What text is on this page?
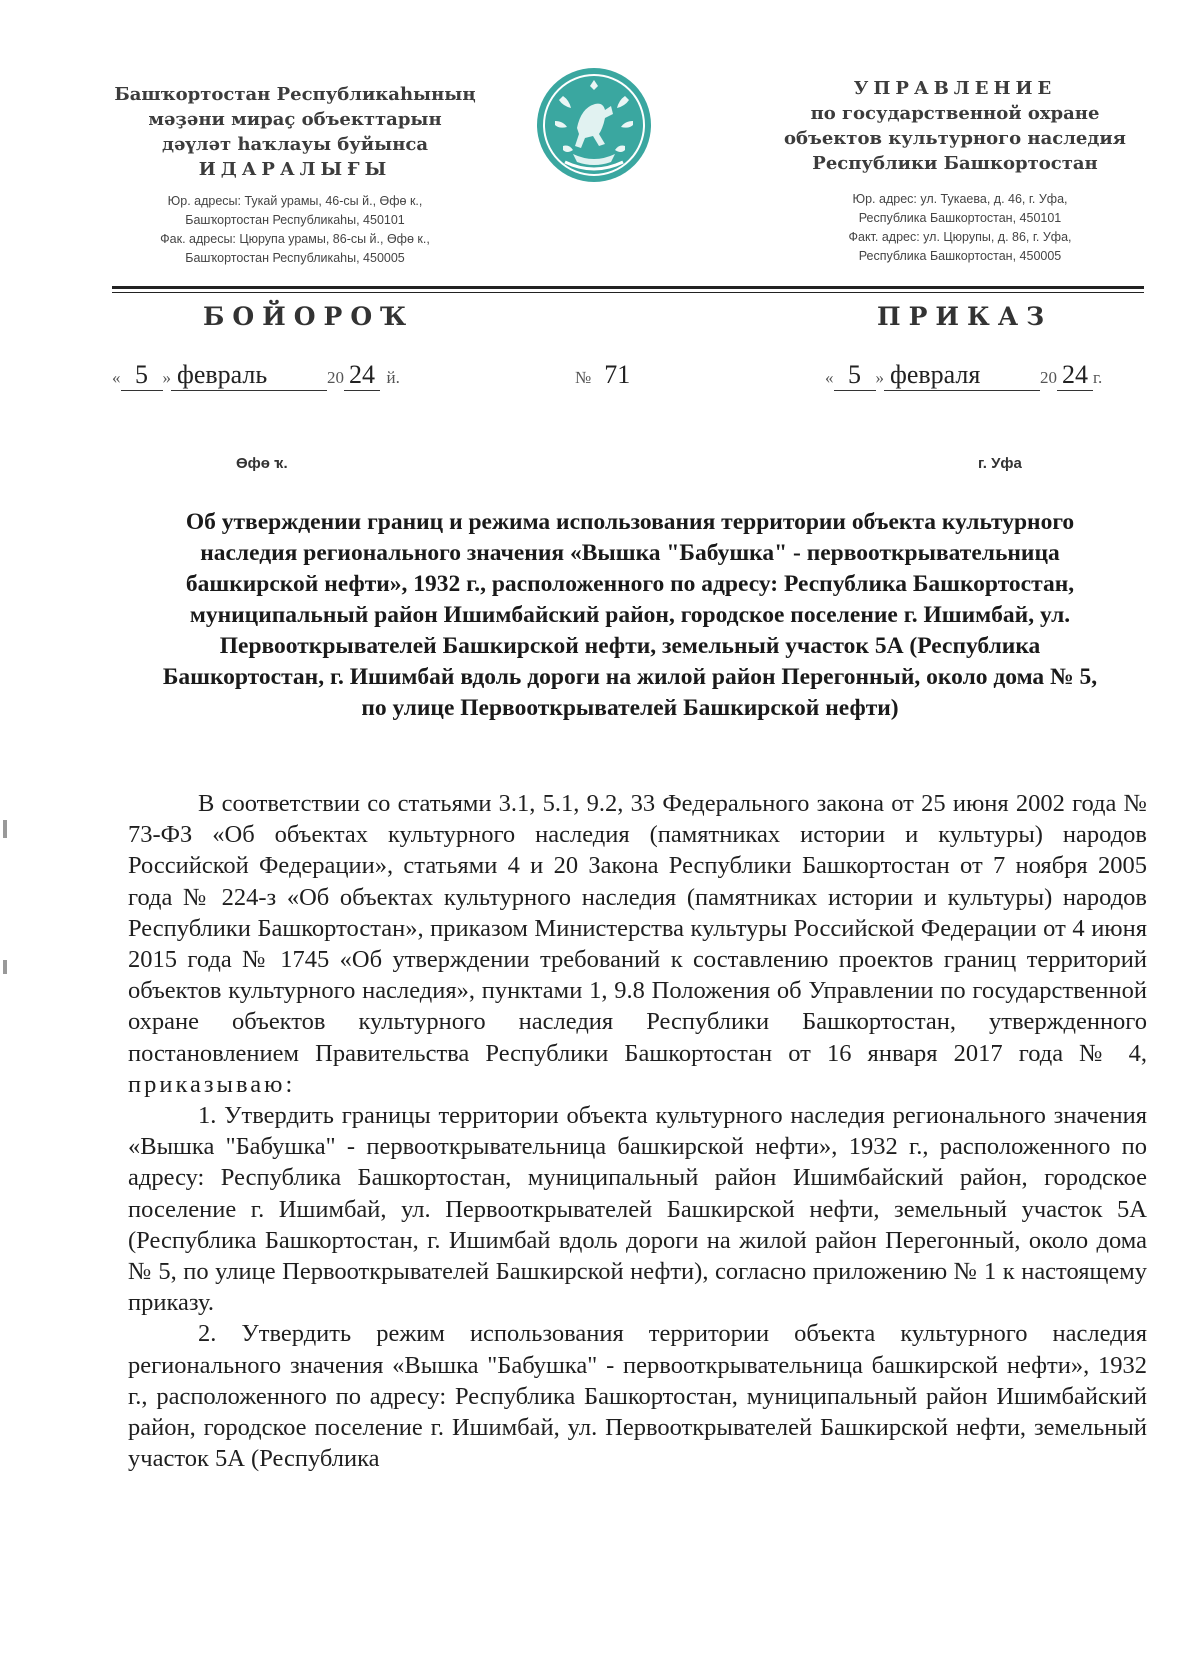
Башҡортостан Республикаһының
мәҙәни мираҫ объекттарын
дәүләт һаҡлауы буйынса
ИДАРАЛЫҒЫ
Юр. адресы: Тукай урамы, 46-сы й., Өфө к.,
Башҡортостан Республикаһы, 450101
Фак. адресы: Цюрупа урамы, 86-сы й., Өфө к.,
Башҡортостан Республикаһы, 450005
УПРАВЛЕНИЕ
по государственной охране
объектов культурного наследия
Республики Башкортостан
Юр. адрес: ул. Тукаева, д. 46, г. Уфа,
Республика Башкортостан, 450101
Факт. адрес: ул. Цюрупы, д. 86, г. Уфа,
Республика Башкортостан, 450005
БОЙОРОҠ	ПРИКАЗ
« 5 » февраль	20 24 й.	№ 71	« 5 » февраля	20 24 г.
Өфө ҡ.	г. Уфа
Об утверждении границ и режима использования территории объекта культурного наследия регионального значения «Вышка "Бабушка" - первооткрывательница башкирской нефти», 1932 г., расположенного по адресу: Республика Башкортостан, муниципальный район Ишимбайский район, городское поселение г. Ишимбай, ул. Первооткрывателей Башкирской нефти, земельный участок 5А (Республика Башкортостан, г. Ишимбай вдоль дороги на жилой район Перегонный, около дома № 5, по улице Первооткрывателей Башкирской нефти)

В соответствии со статьями 3.1, 5.1, 9.2, 33 Федерального закона от 25 июня 2002 года № 73-ФЗ «Об объектах культурного наследия (памятниках истории и культуры) народов Российской Федерации», статьями 4 и 20 Закона Республики Башкортостан от 7 ноября 2005 года № 224-з «Об объектах культурного наследия (памятниках истории и культуры) народов Республики Башкортостан», приказом Министерства культуры Российской Федерации от 4 июня 2015 года № 1745 «Об утверждении требований к составлению проектов границ территорий объектов культурного наследия», пунктами 1, 9.8 Положения об Управлении по государственной охране объектов культурного наследия Республики Башкортостан, утвержденного постановлением Правительства Республики Башкортостан от 16 января 2017 года № 4, приказываю:

1. Утвердить границы территории объекта культурного наследия регионального значения «Вышка "Бабушка" - первооткрывательница башкирской нефти», 1932 г., расположенного по адресу: Республика Башкортостан, муниципальный район Ишимбайский район, городское поселение г. Ишимбай, ул. Первооткрывателей Башкирской нефти, земельный участок 5А (Республика Башкортостан, г. Ишимбай вдоль дороги на жилой район Перегонный, около дома № 5, по улице Первооткрывателей Башкирской нефти), согласно приложению № 1 к настоящему приказу.

2. Утвердить режим использования территории объекта культурного наследия регионального значения «Вышка "Бабушка" - первооткрывательница башкирской нефти», 1932 г., расположенного по адресу: Республика Башкортостан, муниципальный район Ишимбайский район, городское поселение г. Ишимбай, ул. Первооткрывателей Башкирской нефти, земельный участок 5А (Республика
